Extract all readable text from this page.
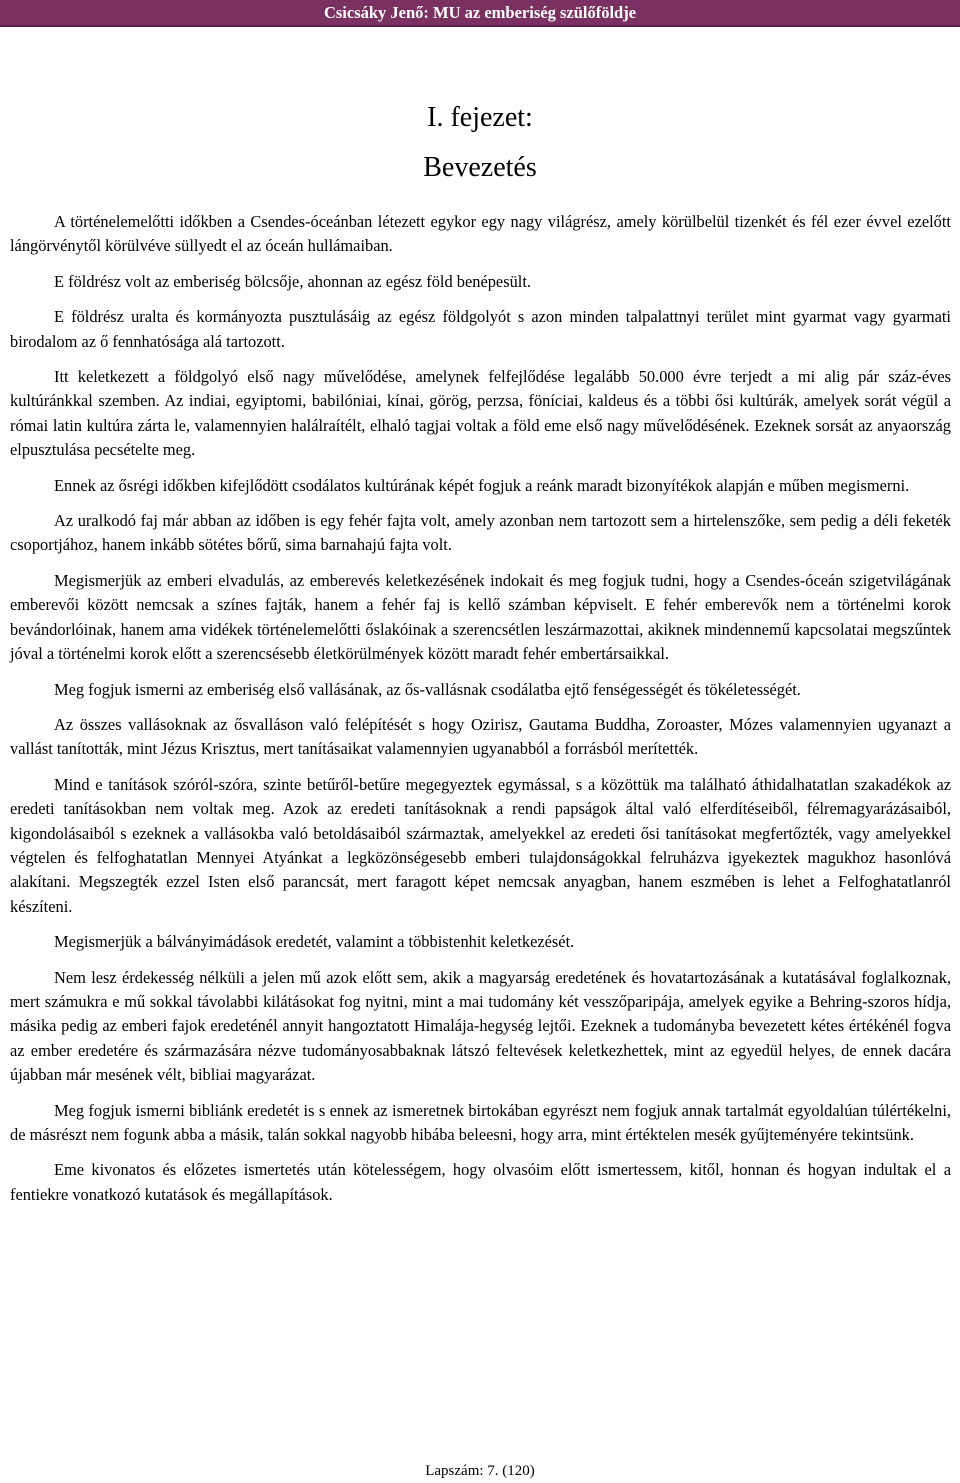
Csicsáky Jenő: MU az emberiség szülőföldje
I. fejezet:
Bevezetés

A történelemelőtti időkben a Csendes-óceánban létezett egykor egy nagy világrész, amely körülbelül tizenkét és fél ezer évvel ezelőtt lángörvénytől körülvéve süllyedt el az óceán hullámaiban.

E földrész volt az emberiség bölcsője, ahonnan az egész föld benépesült.

E földrész uralta és kormányozta pusztulásáig az egész földgolyót s azon minden talpalattnyi terület mint gyarmat vagy gyarmati birodalom az ő fennhatósága alá tartozott.

Itt keletkezett a földgolyó első nagy művelődése, amelynek felfejlődése legalább 50.000 évre terjedt a mi alig pár száz-éves kultúránkkal szemben. Az indiai, egyiptomi, babilóniai, kínai, görög, perzsa, föníciai, kaldeus és a többi ősi kultúrák, amelyek sorát végül a római latin kultúra zárta le, valamennyien halálraítélt, elhaló tagjai voltak a föld eme első nagy művelődésének. Ezeknek sorsát az anyaország elpusztulása pecsételte meg.

Ennek az ősrégi időkben kifejlődött csodálatos kultúrának képét fogjuk a reánk maradt bizonyítékok alapján e műben megismerni.

Az uralkodó faj már abban az időben is egy fehér fajta volt, amely azonban nem tartozott sem a hirtelenszőke, sem pedig a déli feketék csoportjához, hanem inkább sötétes bőrű, sima barnahajú fajta volt.

Megismerjük az emberi elvadulás, az emberevés keletkezésének indokait és meg fogjuk tudni, hogy a Csendes-óceán szigetvilágának emberevői között nemcsak a színes fajták, hanem a fehér faj is kellő számban képviselt. E fehér emberevők nem a történelmi korok bevándorlóinak, hanem ama vidékek történelemelőtti őslakóinak a szerencsétlen leszármazottai, akiknek mindennemű kapcsolatai megszűntek jóval a történelmi korok előtt a szerencsésebb életkörülmények között maradt fehér embertársaikkal.

Meg fogjuk ismerni az emberiség első vallásának, az ős-vallásnak csodálatba ejtő fenségességét és tökéletességét.

Az összes vallásoknak az ősvalláson való felépítését s hogy Ozirisz, Gautama Buddha, Zoroaster, Mózes valamennyien ugyanazt a vallást tanították, mint Jézus Krisztus, mert tanításaikat valamennyien ugyanabból a forrásból merítették.

Mind e tanítások szóról-szóra, szinte betűről-betűre megegyeztek egymással, s a közöttük ma található áthidalhatatlan szakadékok az eredeti tanításokban nem voltak meg. Azok az eredeti tanításoknak a rendi papságok által való elferdítéseiből, félremagyarázásaiból, kigondolásaiból s ezeknek a vallásokba való betoldásaiból származtak, amelyekkel az eredeti ősi tanításokat megfertőzték, vagy amelyekkel végtelen és felfoghatatlan Mennyei Atyánkat a legközönségesebb emberi tulajdonságokkal felruházva igyekeztek magukhoz hasonlóvá alakítani. Megszegték ezzel Isten első parancsát, mert faragott képet nemcsak anyagban, hanem eszmében is lehet a Felfoghatatlanról készíteni.

Megismerjük a bálványimádások eredetét, valamint a többistenhit keletkezését.

Nem lesz érdekesség nélküli a jelen mű azok előtt sem, akik a magyarság eredetének és hovatartozásának a kutatásával foglalkoznak, mert számukra e mű sokkal távolabbi kilátásokat fog nyitni, mint a mai tudomány két vesszőparipája, amelyek egyike a Behring-szoros hídja, másika pedig az emberi fajok eredeténél annyit hangoztatott Himalája-hegység lejtői. Ezeknek a tudományba bevezetett kétes értékénél fogva az ember eredetére és származására nézve tudományosabbaknak látszó feltevések keletkezhettek, mint az egyedül helyes, de ennek dacára újabban már mesének vélt, bibliai magyarázat.

Meg fogjuk ismerni bibliánk eredetét is s ennek az ismeretnek birtokában egyrészt nem fogjuk annak tartalmát egyoldalúan túlértékelni, de másrészt nem fogunk abba a másik, talán sokkal nagyobb hibába beleesni, hogy arra, mint értéktelen mesék gyűjteményére tekintsünk.

Eme kivonatos és előzetes ismertetés után kötelességem, hogy olvasóim előtt ismertessem, kitől, honnan és hogyan indultak el a fentiekre vonatkozó kutatások és megállapítások.

Lapszám: 7. (120)
